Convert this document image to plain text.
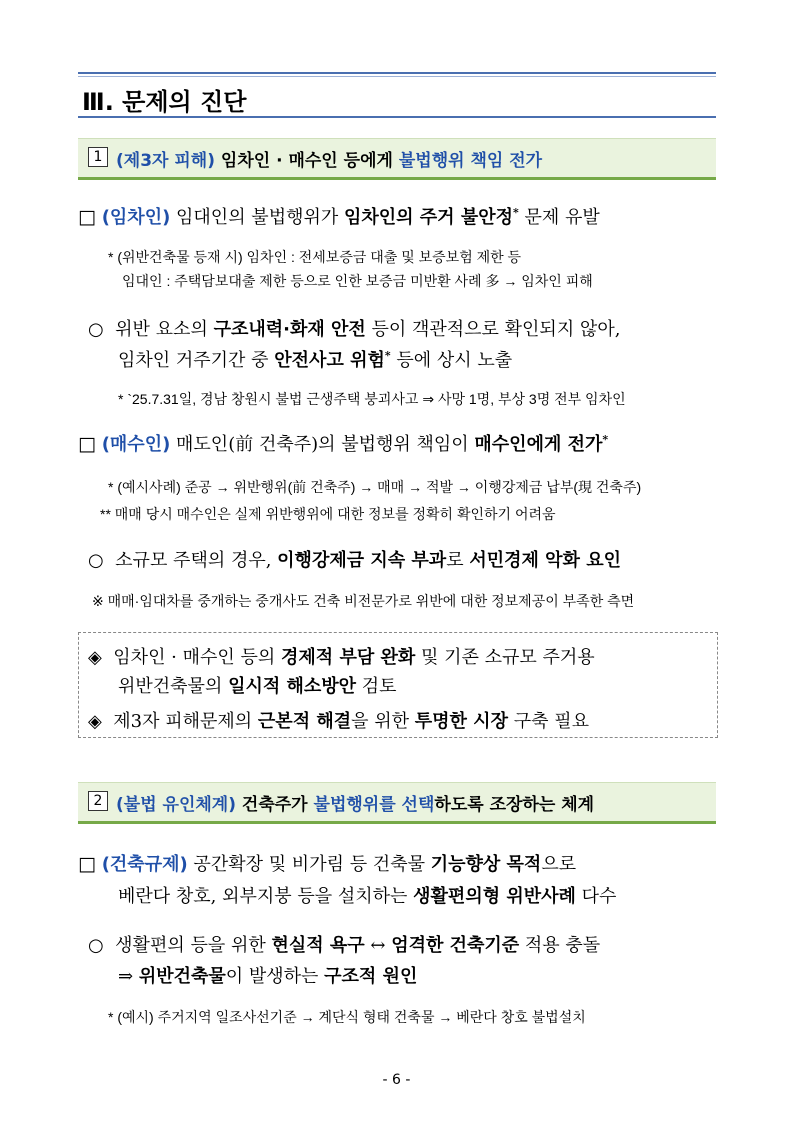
Ⅲ. 문제의 진단
1 (제3자 피해) 임차인 · 매수인 등에게 불법행위 책임 전가
□ (임차인) 임대인의 불법행위가 임차인의 주거 불안정* 문제 유발
* (위반건축물 등재 시) 임차인 : 전세보증금 대출 및 보증보험 제한 등
임대인 : 주택담보대출 제한 등으로 인한 보증금 미반환 사례 多 → 임차인 피해
○ 위반 요소의 구조내력·화재 안전 등이 객관적으로 확인되지 않아,
임차인 거주기간 중 안전사고 위험* 등에 상시 노출
* `25.7.31일, 경남 창원시 불법 근생주택 붕괴사고 ⇒ 사망 1명, 부상 3명 전부 임차인
□ (매수인) 매도인(前 건축주)의 불법행위 책임이 매수인에게 전가*
* (예시사례) 준공 → 위반행위(前 건축주) → 매매 → 적발 → 이행강제금 납부(現 건축주)
** 매매 당시 매수인은 실제 위반행위에 대한 정보를 정확히 확인하기 어려움
○ 소규모 주택의 경우, 이행강제금 지속 부과로 서민경제 악화 요인
※ 매매·임대차를 중개하는 중개사도 건축 비전문가로 위반에 대한 정보제공이 부족한 측면
◈ 임차인 · 매수인 등의 경제적 부담 완화 및 기존 소규모 주거용
위반건축물의 일시적 해소방안 검토
◈ 제3자 피해문제의 근본적 해결을 위한 투명한 시장 구축 필요
2 (불법 유인체계) 건축주가 불법행위를 선택하도록 조장하는 체계
□ (건축규제) 공간확장 및 비가림 등 건축물 기능향상 목적으로
베란다 창호, 외부지붕 등을 설치하는 생활편의형 위반사례 다수
○ 생활편의 등을 위한 현실적 욕구 ↔ 엄격한 건축기준 적용 충돌
⇒ 위반건축물이 발생하는 구조적 원인
* (예시) 주거지역 일조사선기준 → 계단식 형태 건축물 → 베란다 창호 불법설치
- 6 -
